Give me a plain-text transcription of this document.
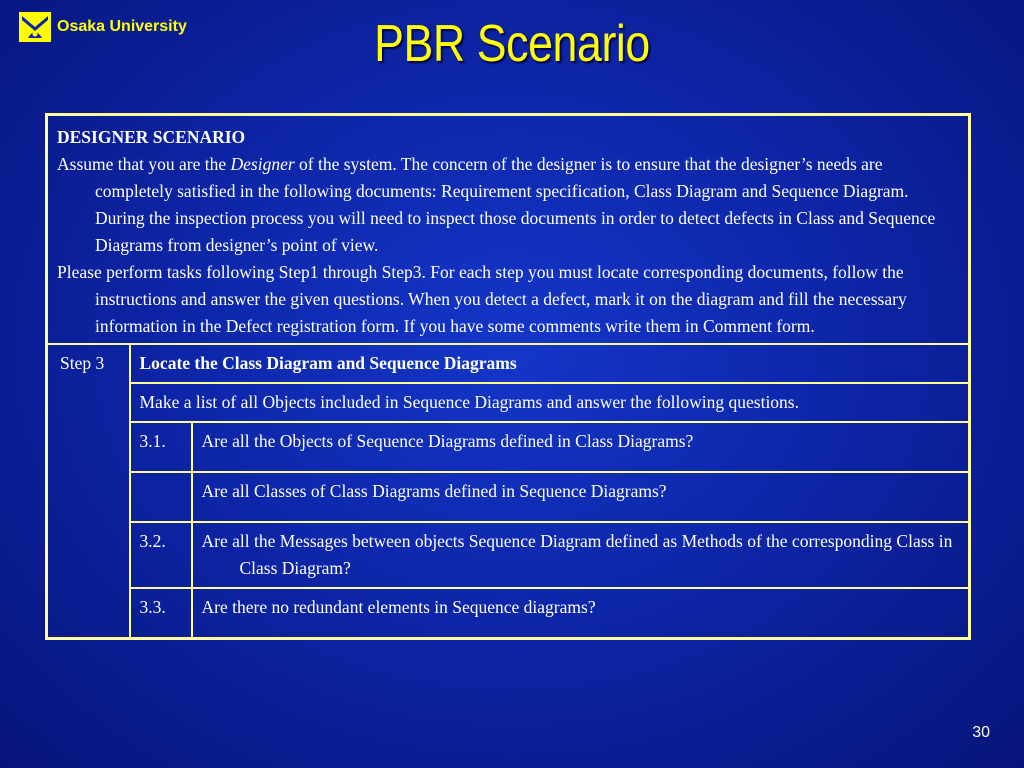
Osaka University	PBR Scenario
DESIGNER SCENARIO

Assume that you are the Designer of the system. The concern of the designer is to ensure that the designer’s needs are completely satisfied in the following documents: Requirement specification, Class Diagram and Sequence Diagram. During the inspection process you will need to inspect those documents in order to detect defects in Class and Sequence Diagrams from designer’s point of view.

Please perform tasks following Step1 through Step3. For each step you must locate corresponding documents, follow the instructions and answer the given questions. When you detect a defect, mark it on the diagram and fill the necessary information in the Defect registration form. If you have some comments write them in Comment form.		

Step 3	Locate the Class Diagram and Sequence Diagrams	

	Make a list of all Objects included in Sequence Diagrams and answer the following questions.	

	3.1.	Are all the Objects of Sequence Diagrams defined in Class Diagrams?
		Are all Classes of Class Diagrams defined in Sequence Diagrams?
	3.2.	Are all the Messages between objects Sequence Diagram defined as Methods of the corresponding Class in Class Diagram?

	3.3.	Are there no redundant elements in Sequence diagrams?
30
